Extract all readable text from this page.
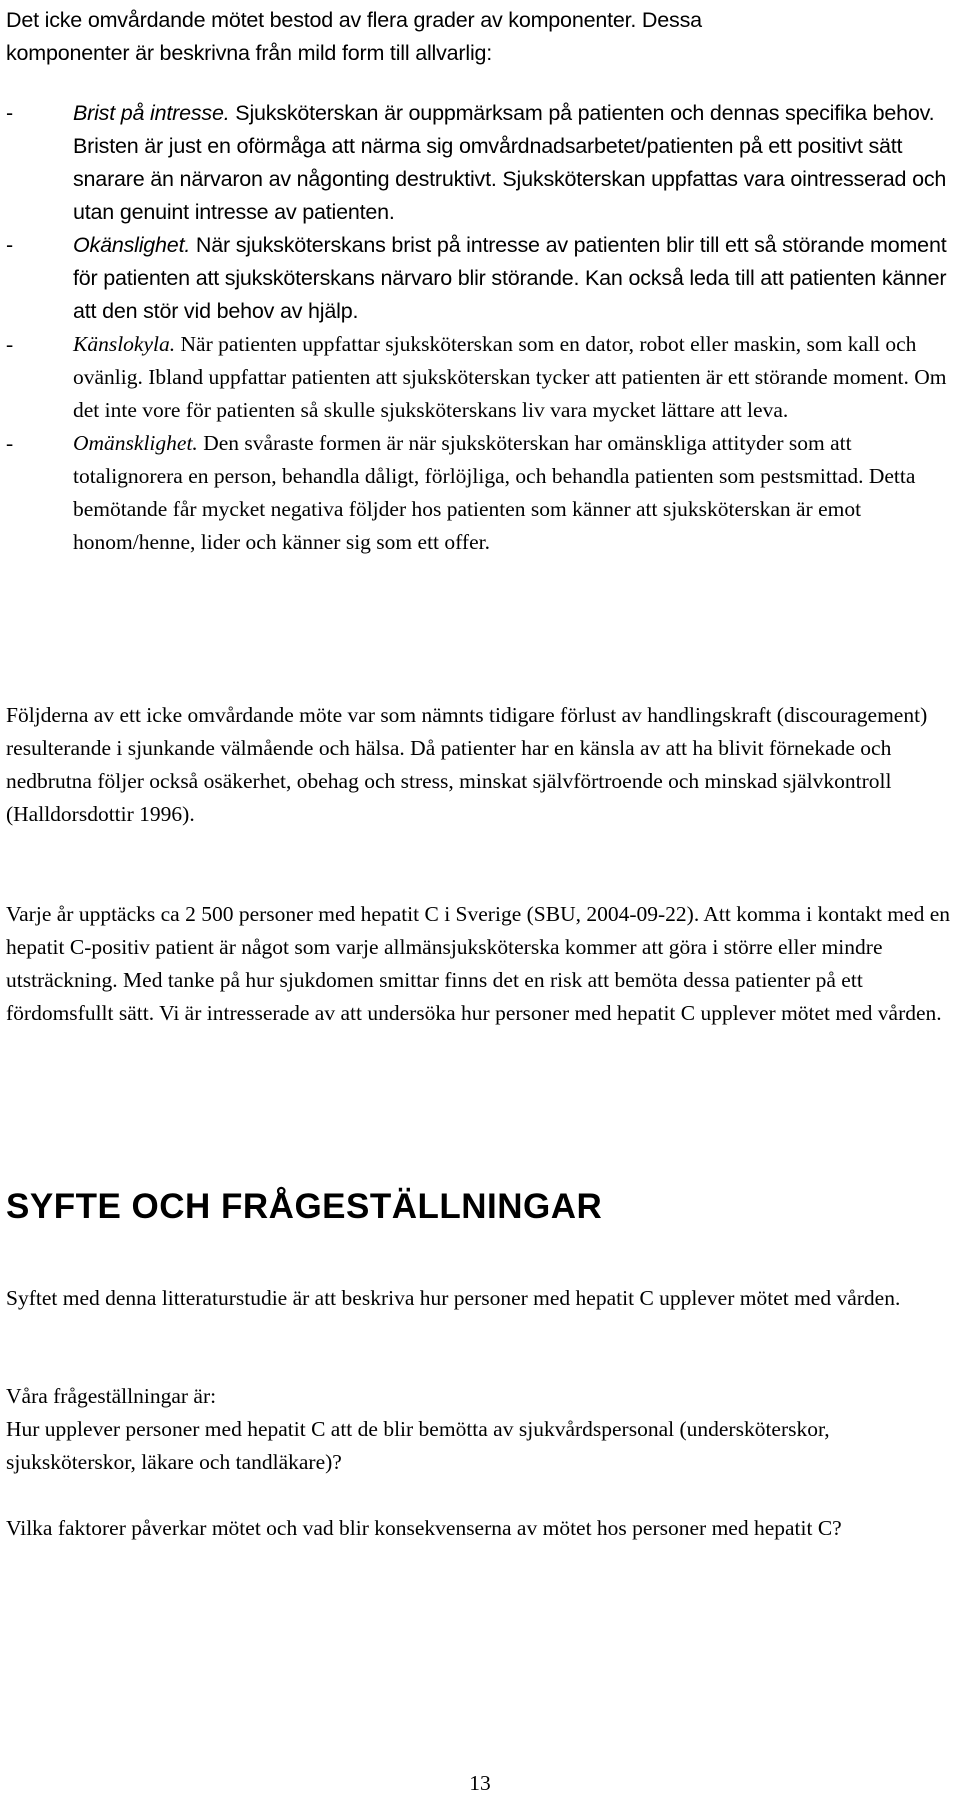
Det icke omvårdande mötet bestod av flera grader av komponenter. Dessa

komponenter är beskrivna från mild form till allvarlig:

-	Brist på intresse. Sjuksköterskan är ouppmärksam på patienten och dennas specifika behov. Bristen är just en oförmåga att närma sig omvårdnadsarbetet/patienten på ett positivt sätt snarare än närvaron av någonting destruktivt. Sjuksköterskan uppfattas vara ointresserad och utan genuint intresse av patienten.

-	Okänslighet. När sjuksköterskans brist på intresse av patienten blir till ett så störande moment för patienten att sjuksköterskans närvaro blir störande. Kan också leda till att patienten känner att den stör vid behov av hjälp.

-	Känslokyla. När patienten uppfattar sjuksköterskan som en dator, robot eller maskin, som kall och ovänlig. Ibland uppfattar patienten att sjuksköterskan tycker att patienten är ett störande moment. Om det inte vore för patienten så skulle sjuksköterskans liv vara mycket lättare att leva.

-	Omänsklighet. Den svåraste formen är när sjuksköterskan har omänskliga attityder som att totalignorera en person, behandla dåligt, förlöjliga, och behandla patienten som pestsmittad. Detta bemötande får mycket negativa följder hos patienten som känner att sjuksköterskan är emot honom/henne, lider och känner sig som ett offer.

Följderna av ett icke omvårdande möte var som nämnts tidigare förlust av handlingskraft (discouragement) resulterande i sjunkande välmående och hälsa. Då patienter har en känsla av att ha blivit förnekade och nedbrutna följer också osäkerhet, obehag och stress, minskat självförtroende och minskad självkontroll (Halldorsdottir 1996).

Varje år upptäcks ca 2 500 personer med hepatit C i Sverige (SBU, 2004-09-22). Att komma i kontakt med en hepatit C-positiv patient är något som varje allmänsjuksköterska kommer att göra i större eller mindre utsträckning. Med tanke på hur sjukdomen smittar finns det en risk att bemöta dessa patienter på ett fördomsfullt sätt. Vi är intresserade av att undersöka hur personer med hepatit C upplever mötet med vården.

SYFTE OCH FRÅGESTÄLLNINGAR

Syftet med denna litteraturstudie är att beskriva hur personer med hepatit C upplever mötet med vården.

Våra frågeställningar är:

Hur upplever personer med hepatit C att de blir bemötta av sjukvårdspersonal (undersköterskor, sjuksköterskor, läkare och tandläkare)?

Vilka faktorer påverkar mötet och vad blir konsekvenserna av mötet hos personer med hepatit C?

13
